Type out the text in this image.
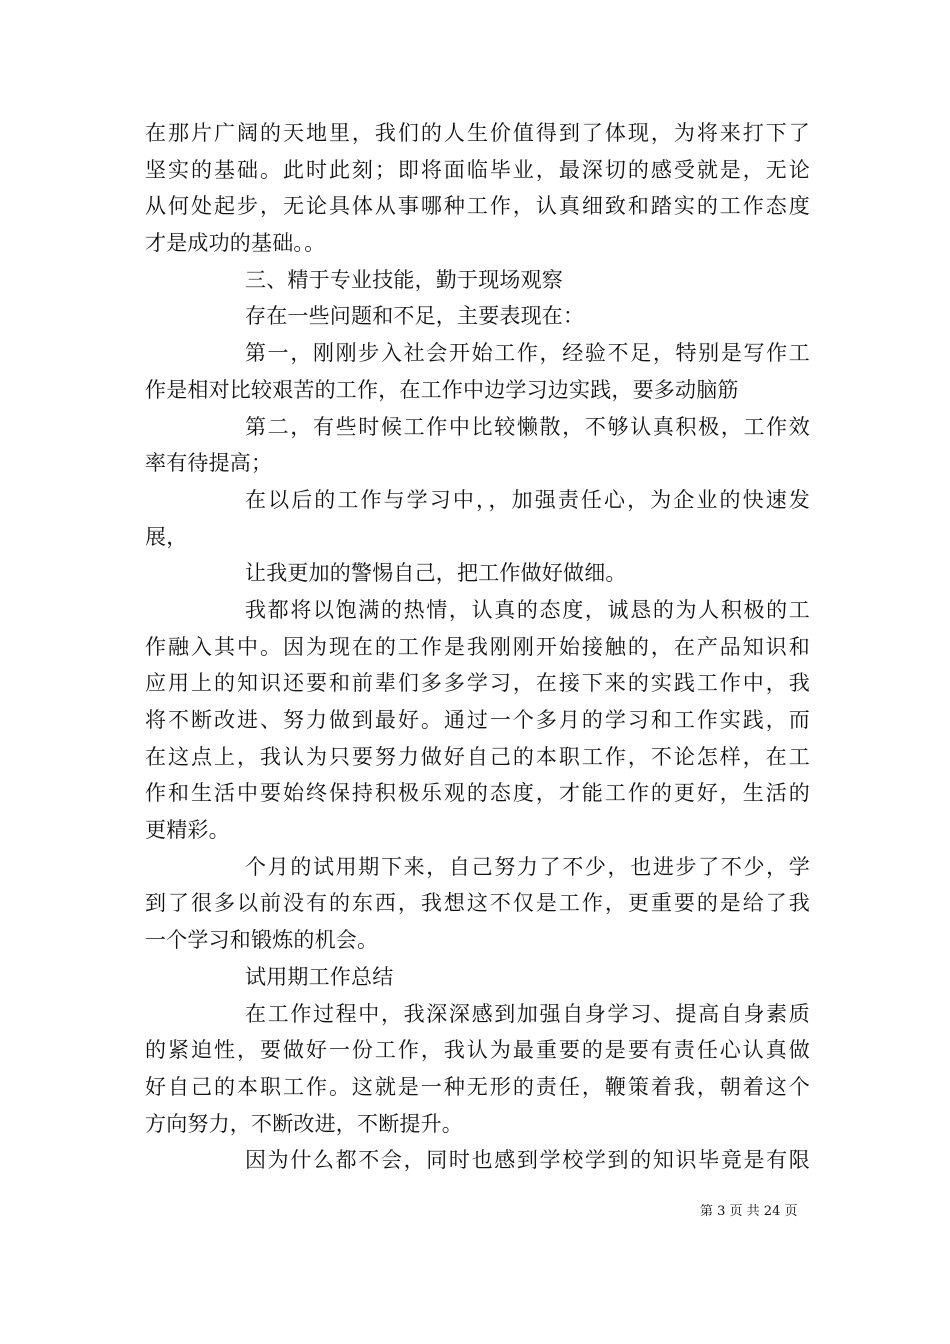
在那片广阔的天地里，我们的人生价值得到了体现，为将来打下了
坚实的基础。此时此刻；即将面临毕业，最深切的感受就是，无论
从何处起步，无论具体从事哪种工作，认真细致和踏实的工作态度
才是成功的基础。。
三、精于专业技能，勤于现场观察
存在一些问题和不足，主要表现在：
第一，刚刚步入社会开始工作，经验不足，特别是写作工
作是相对比较艰苦的工作，在工作中边学习边实践，要多动脑筋
第二，有些时候工作中比较懒散，不够认真积极，工作效
率有待提高；
在以后的工作与学习中，，加强责任心，为企业的快速发
展，
让我更加的警惕自己，把工作做好做细。
我都将以饱满的热情，认真的态度，诚恳的为人积极的工
作融入其中。因为现在的工作是我刚刚开始接触的，在产品知识和
应用上的知识还要和前辈们多多学习，在接下来的实践工作中，我
将不断改进、努力做到最好。通过一个多月的学习和工作实践，而
在这点上，我认为只要努力做好自己的本职工作，不论怎样，在工
作和生活中要始终保持积极乐观的态度，才能工作的更好，生活的
更精彩。
个月的试用期下来，自己努力了不少，也进步了不少，学
到了很多以前没有的东西，我想这不仅是工作，更重要的是给了我
一个学习和锻炼的机会。
试用期工作总结
在工作过程中，我深深感到加强自身学习、提高自身素质
的紧迫性，要做好一份工作，我认为最重要的是要有责任心认真做
好自己的本职工作。这就是一种无形的责任，鞭策着我，朝着这个
方向努力，不断改进，不断提升。
因为什么都不会，同时也感到学校学到的知识毕竟是有限
第 3 页 共 24 页
